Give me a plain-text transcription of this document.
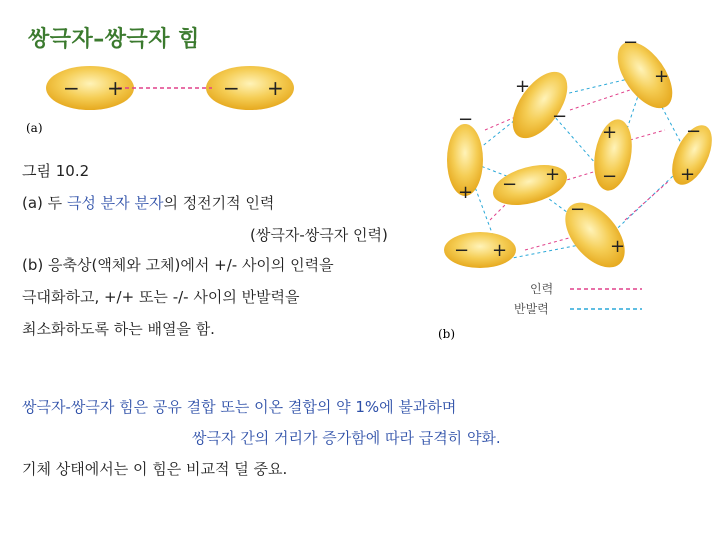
쌍극자–쌍극자 힘
− +	− +
(a)
−
+
+
−
−
+ − +
+
−
−
+
− +
−
+
인력
반발력
(b)

그림 10.2

(a) 두 극성 분자 분자의 정전기적 인력

(쌍극자-쌍극자 인력)

(b) 응축상(액체와 고체)에서 +/- 사이의 인력을

극대화하고, +/+ 또는 -/- 사이의 반발력을

최소화하도록 하는 배열을 함.

쌍극자-쌍극자 힘은 공유 결합 또는 이온 결합의 약 1%에 불과하며

쌍극자 간의 거리가 증가함에 따라 급격히 약화.

기체 상태에서는 이 힘은 비교적 덜 중요.
